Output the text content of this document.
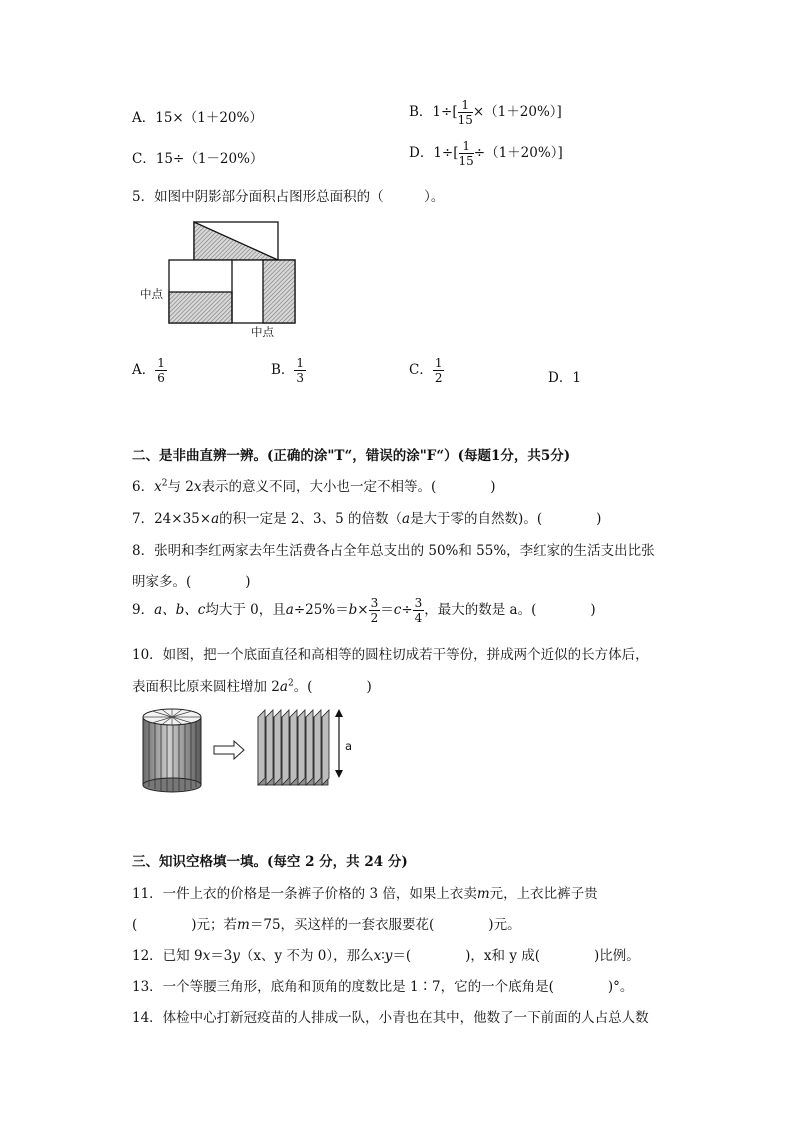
A．15×（1＋20%）	B．$1\div[ \frac{1}{15} \times(1+20\%)]$
C．15÷（1－20%）	D．$1\div[ \frac{1}{15} \div(1+20\%)]$
5．如图中阴影部分面积占图形总面积的（　　　）。
中点
中点
A． $\frac{1}{6}$	B． $\frac{1}{3}$	C． $\frac{1}{2}$	D．1
二、是非曲直辨一辨。(正确的涂"T“，错误的涂"F“）(每题1分，共5分)
6．$x^2$与 2x表示的意义不同，大小也一定不相等。(　　　　)
7．24×35×a的积一定是 2、3、5 的倍数（a是大于零的自然数)。(　　　　)
8．张明和李红两家去年生活费各占全年总支出的 50%和 55%，李红家的生活支出比张
明家多。(　　　　)
9．a、b、c均大于 0，且$a\div 25\%=b\times \frac{3}{2} =c\div \frac{3}{4}$ ，最大的数是 a。(　　　　)
10．如图，把一个底面直径和高相等的圆柱切成若干等份，拼成两个近似的长方体后，
表面积比原来圆柱增加 $2a^2$。(　　　　)
a
三、知识空格填一填。(每空 2 分，共 24 分)
11．一件上衣的价格是一条裤子价格的 3 倍，如果上衣卖m元，上衣比裤子贵
(　　　　)元；若m＝75，买这样的一套衣服要花(　　　　)元。
12．已知 9x＝3y（x、y 不为 0），那么x∶y＝(　　　　)，x和 y 成(　　　　)比例。
13．一个等腰三角形，底角和顶角的度数比是 1∶7，它的一个底角是(　　　　)°。
14．体检中心打新冠疫苗的人排成一队，小青也在其中，他数了一下前面的人占总人数
